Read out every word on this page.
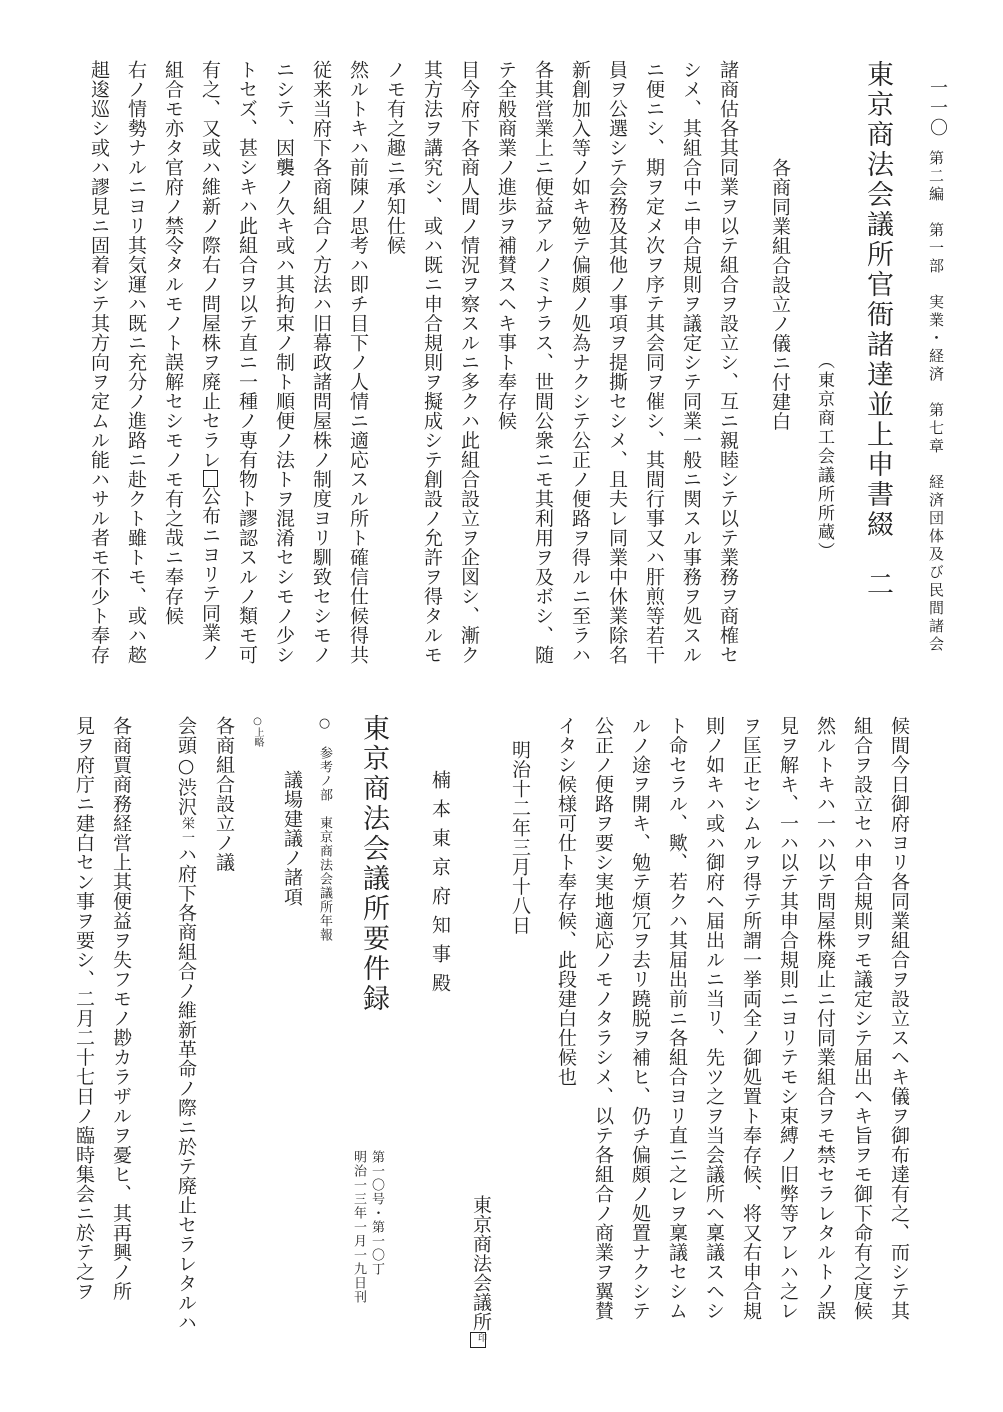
一一〇
第二編　第一部　実業・経済　第七章　経済団体及び民間諸会
東京商法会議所官衙諸達並上申書綴　二
（東京商工会議所所蔵）
各商同業組合設立ノ儀ニ付建白
諸商估各其同業ヲ以テ組合ヲ設立シ、互ニ親睦シテ以テ業務ヲ商榷セ
シメ、其組合中ニ申合規則ヲ議定シテ同業一般ニ関スル事務ヲ処スル
ニ便ニシ、期ヲ定メ次ヲ序テ其会同ヲ催シ、其間行事又ハ肝煎等若干
員ヲ公選シテ会務及其他ノ事項ヲ提撕セシメ、且夫レ同業中休業除名
新創加入等ノ如キ勉テ偏頗ノ処為ナクシテ公正ノ便路ヲ得ルニ至ラハ
各其営業上ニ便益アルノミナラス、世間公衆ニモ其利用ヲ及ボシ、随
テ全般商業ノ進歩ヲ補賛スヘキ事ト奉存候
目今府下各商人間ノ情況ヲ察スルニ多クハ此組合設立ヲ企図シ、漸ク
其方法ヲ講究シ、或ハ既ニ申合規則ヲ擬成シテ創設ノ允許ヲ得タルモ
ノモ有之趣ニ承知仕候
然ルトキハ前陳ノ思考ハ即チ目下ノ人情ニ適応スル所ト確信仕候得共
従来当府下各商組合ノ方法ハ旧幕政諸問屋株ノ制度ヨリ馴致セシモノ
ニシテ、因襲ノ久キ或ハ其拘束ノ制ト順便ノ法トヲ混淆セシモノ少シ
トセズ、甚シキハ此組合ヲ以テ直ニ一種ノ専有物ト謬認スルノ類モ可
有之、又或ハ維新ノ際右ノ問屋株ヲ廃止セラレ公布ニヨリテ同業ノ
組合モ亦タ官府ノ禁令タルモノト誤解セシモノモ有之哉ニ奉存候
右ノ情勢ナルニヨリ其気運ハ既ニ充分ノ進路ニ赴クト雖トモ、或ハ趑
趄逡巡シ或ハ謬見ニ固着シテ其方向ヲ定ムル能ハサル者モ不少ト奉存
候間今日御府ヨリ各同業組合ヲ設立スヘキ儀ヲ御布達有之、而シテ其
組合ヲ設立セハ申合規則ヲモ議定シテ届出ヘキ旨ヲモ御下命有之度候
然ルトキハ一ハ以テ問屋株廃止ニ付同業組合ヲモ禁セラレタルトノ誤
見ヲ解キ、一ハ以テ其申合規則ニヨリテモシ束縛ノ旧弊等アレハ之レ
ヲ匡正セシムルヲ得テ所謂一挙両全ノ御処置ト奉存候、将又右申合規
則ノ如キハ或ハ御府ヘ届出ルニ当リ、先ツ之ヲ当会議所ヘ稟議スヘシ
ト命セラル、歟、若クハ其届出前ニ各組合ヨリ直ニ之レヲ稟議セシム
ルノ途ヲ開キ、勉テ煩冗ヲ去リ蹺脱ヲ補ヒ、仍チ偏頗ノ処置ナクシテ
公正ノ便路ヲ要シ実地適応ノモノタラシメ、以テ各組合ノ商業ヲ翼賛
イタシ候様可仕ト奉存候、此段建白仕候也
明治十二年三月十八日
東京商法会議所印
楠本東京府知事殿
東京商法会議所要件録
第一〇号・第一〇丁
明治一三年一月一九日刊
○　参考ノ部　東京商法会議所年報
議場建議ノ諸項
○上略
各商組合設立ノ議
会頭○渋沢栄一ハ府下各商組合ノ維新革命ノ際ニ於テ廃止セラレタルハ
各商賈商務経営上其便益ヲ失フモノ尠カラザルヲ憂ヒ、其再興ノ所
見ヲ府庁ニ建白セン事ヲ要シ、二月二十七日ノ臨時集会ニ於テ之ヲ
